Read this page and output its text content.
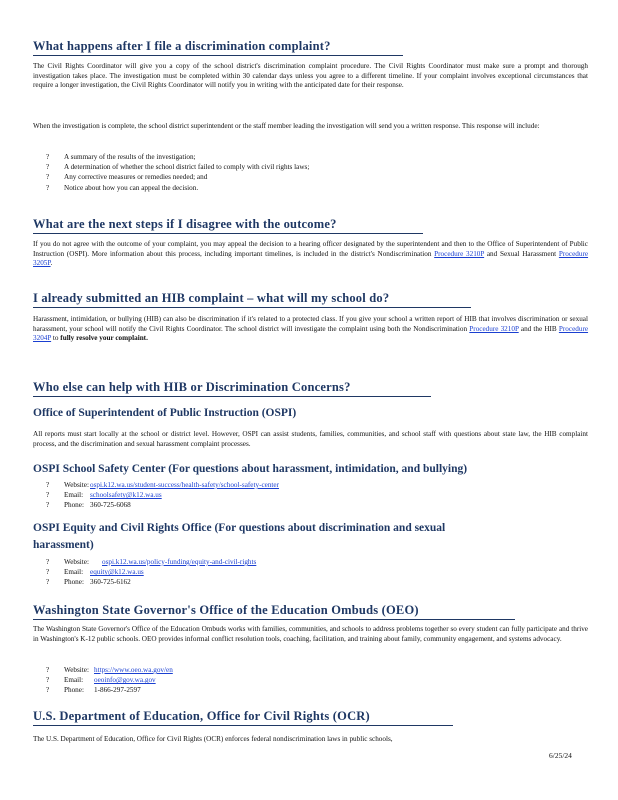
What happens after I file a discrimination complaint?

The Civil Rights Coordinator will give you a copy of the school district's discrimination complaint procedure. The Civil Rights Coordinator must make sure a prompt and thorough investigation takes place. The investigation must be completed within 30 calendar days unless you agree to a different timeline. If your complaint involves exceptional circumstances that require a longer investigation, the Civil Rights Coordinator will notify you in writing with the anticipated date for their response.

When the investigation is complete, the school district superintendent or the staff member leading the investigation will send you a written response. This response will include:

? A summary of the results of the investigation;
? A determination of whether the school district failed to comply with civil rights laws;
? Any corrective measures or remedies needed; and
? Notice about how you can appeal the decision.
What are the next steps if I disagree with the outcome?

If you do not agree with the outcome of your complaint, you may appeal the decision to a hearing officer designated by the superintendent and then to the Office of Superintendent of Public Instruction (OSPI). More information about this process, including important timelines, is included in the district's Nondiscrimination Procedure 3210P and Sexual Harassment Procedure 3205P.

I already submitted an HIB complaint – what will my school do?

Harassment, intimidation, or bullying (HIB) can also be discrimination if it's related to a protected class. If you give your school a written report of HIB that involves discrimination or sexual harassment, your school will notify the Civil Rights Coordinator. The school district will investigate the complaint using both the Nondiscrimination Procedure 3210P and the HIB Procedure 3204P to fully resolve your complaint.

Who else can help with HIB or Discrimination Concerns?
Office of Superintendent of Public Instruction (OSPI)

All reports must start locally at the school or district level. However, OSPI can assist students, families, communities, and school staff with questions about state law, the HIB complaint process, and the discrimination and sexual harassment complaint processes.

OSPI School Safety Center (For questions about harassment, intimidation, and bullying)
? Website:ospi.k12.wa.us/student-success/health-safety/school-safety-center
? Email: schoolsafety@k12.wa.us
? Phone: 360-725-6068
OSPI Equity and Civil Rights Office (For questions about discrimination and sexual
harassment)
? Website: ospi.k12.wa.us/policy-funding/equity-and-civil-rights
? Email: equity@k12.wa.us
? Phone: 360-725-6162
Washington State Governor's Office of the Education Ombuds (OEO)

The Washington State Governor's Office of the Education Ombuds works with families, communities, and schools to address problems together so every student can fully participate and thrive in Washington's K-12 public schools. OEO provides informal conflict resolution tools, coaching, facilitation, and training about family, community engagement, and systems advocacy.

? Website: https://www.oeo.wa.gov/en
? Email: oeoinfo@gov.wa.gov
? Phone: 1-866-297-2597
U.S. Department of Education, Office for Civil Rights (OCR)

The U.S. Department of Education, Office for Civil Rights (OCR) enforces federal nondiscrimination laws in public schools,

6/25/24
